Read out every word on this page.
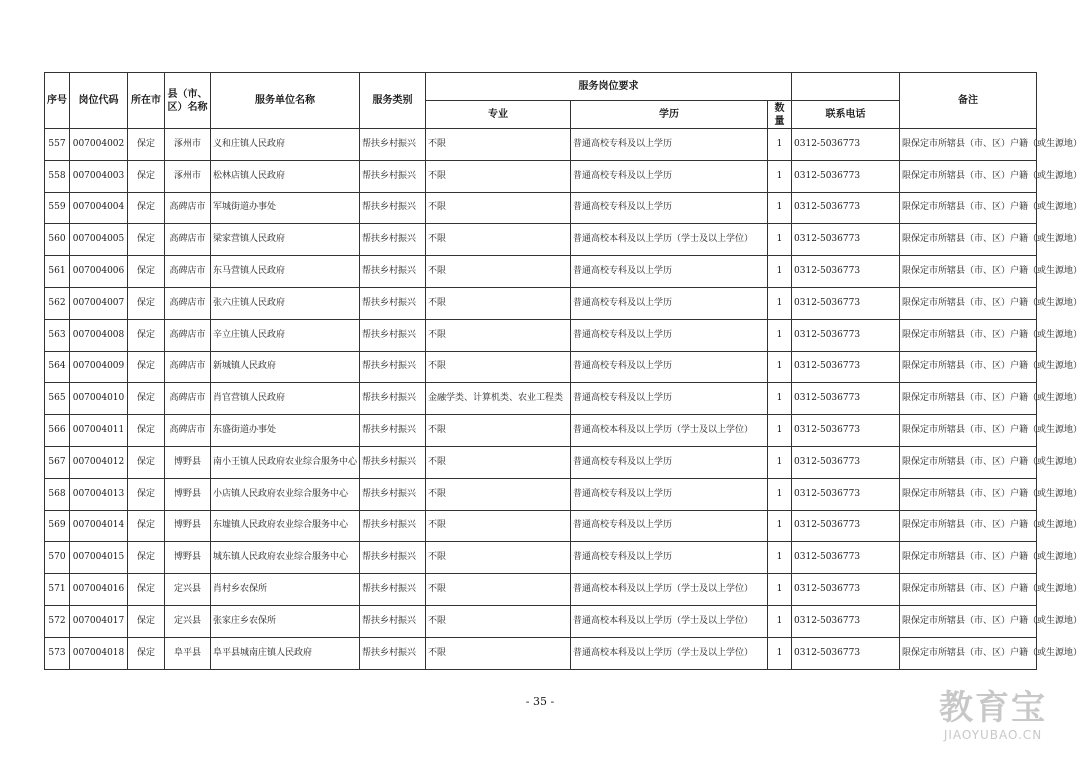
序号	岗位代码	所在市	县（市、区）名称	服务单位名称	服务类别	服务岗位要求				备注
						专业	学历	数量	联系电话	
557	007004002	保定	涿州市	义和庄镇人民政府	帮扶乡村振兴	不限	普通高校专科及以上学历	1	0312-5036773	限保定市所辖县（市、区）户籍（或生源地）
558	007004003	保定	涿州市	松林店镇人民政府	帮扶乡村振兴	不限	普通高校专科及以上学历	1	0312-5036773	限保定市所辖县（市、区）户籍（或生源地）
559	007004004	保定	高碑店市	军城街道办事处	帮扶乡村振兴	不限	普通高校专科及以上学历	1	0312-5036773	限保定市所辖县（市、区）户籍（或生源地）
560	007004005	保定	高碑店市	梁家营镇人民政府	帮扶乡村振兴	不限	普通高校本科及以上学历（学士及以上学位）	1	0312-5036773	限保定市所辖县（市、区）户籍（或生源地）
561	007004006	保定	高碑店市	东马营镇人民政府	帮扶乡村振兴	不限	普通高校专科及以上学历	1	0312-5036773	限保定市所辖县（市、区）户籍（或生源地）
562	007004007	保定	高碑店市	张六庄镇人民政府	帮扶乡村振兴	不限	普通高校专科及以上学历	1	0312-5036773	限保定市所辖县（市、区）户籍（或生源地）
563	007004008	保定	高碑店市	辛立庄镇人民政府	帮扶乡村振兴	不限	普通高校专科及以上学历	1	0312-5036773	限保定市所辖县（市、区）户籍（或生源地）
564	007004009	保定	高碑店市	新城镇人民政府	帮扶乡村振兴	不限	普通高校专科及以上学历	1	0312-5036773	限保定市所辖县（市、区）户籍（或生源地）
565	007004010	保定	高碑店市	肖官营镇人民政府	帮扶乡村振兴	金融学类、计算机类、农业工程类	普通高校专科及以上学历	1	0312-5036773	限保定市所辖县（市、区）户籍（或生源地）
566	007004011	保定	高碑店市	东盛街道办事处	帮扶乡村振兴	不限	普通高校本科及以上学历（学士及以上学位）	1	0312-5036773	限保定市所辖县（市、区）户籍（或生源地）
567	007004012	保定	博野县	南小王镇人民政府农业综合服务中心	帮扶乡村振兴	不限	普通高校专科及以上学历	1	0312-5036773	限保定市所辖县（市、区）户籍（或生源地）
568	007004013	保定	博野县	小店镇人民政府农业综合服务中心	帮扶乡村振兴	不限	普通高校专科及以上学历	1	0312-5036773	限保定市所辖县（市、区）户籍（或生源地）
569	007004014	保定	博野县	东墟镇人民政府农业综合服务中心	帮扶乡村振兴	不限	普通高校专科及以上学历	1	0312-5036773	限保定市所辖县（市、区）户籍（或生源地）
570	007004015	保定	博野县	城东镇人民政府农业综合服务中心	帮扶乡村振兴	不限	普通高校专科及以上学历	1	0312-5036773	限保定市所辖县（市、区）户籍（或生源地）
571	007004016	保定	定兴县	肖村乡农保所	帮扶乡村振兴	不限	普通高校本科及以上学历（学士及以上学位）	1	0312-5036773	限保定市所辖县（市、区）户籍（或生源地）
572	007004017	保定	定兴县	张家庄乡农保所	帮扶乡村振兴	不限	普通高校本科及以上学历（学士及以上学位）	1	0312-5036773	限保定市所辖县（市、区）户籍（或生源地）
573	007004018	保定	阜平县	阜平县城南庄镇人民政府	帮扶乡村振兴	不限	普通高校本科及以上学历（学士及以上学位）	1	0312-5036773	限保定市所辖县（市、区）户籍（或生源地）
- 35 -	教育宝
JIAOYUBAO.CN
